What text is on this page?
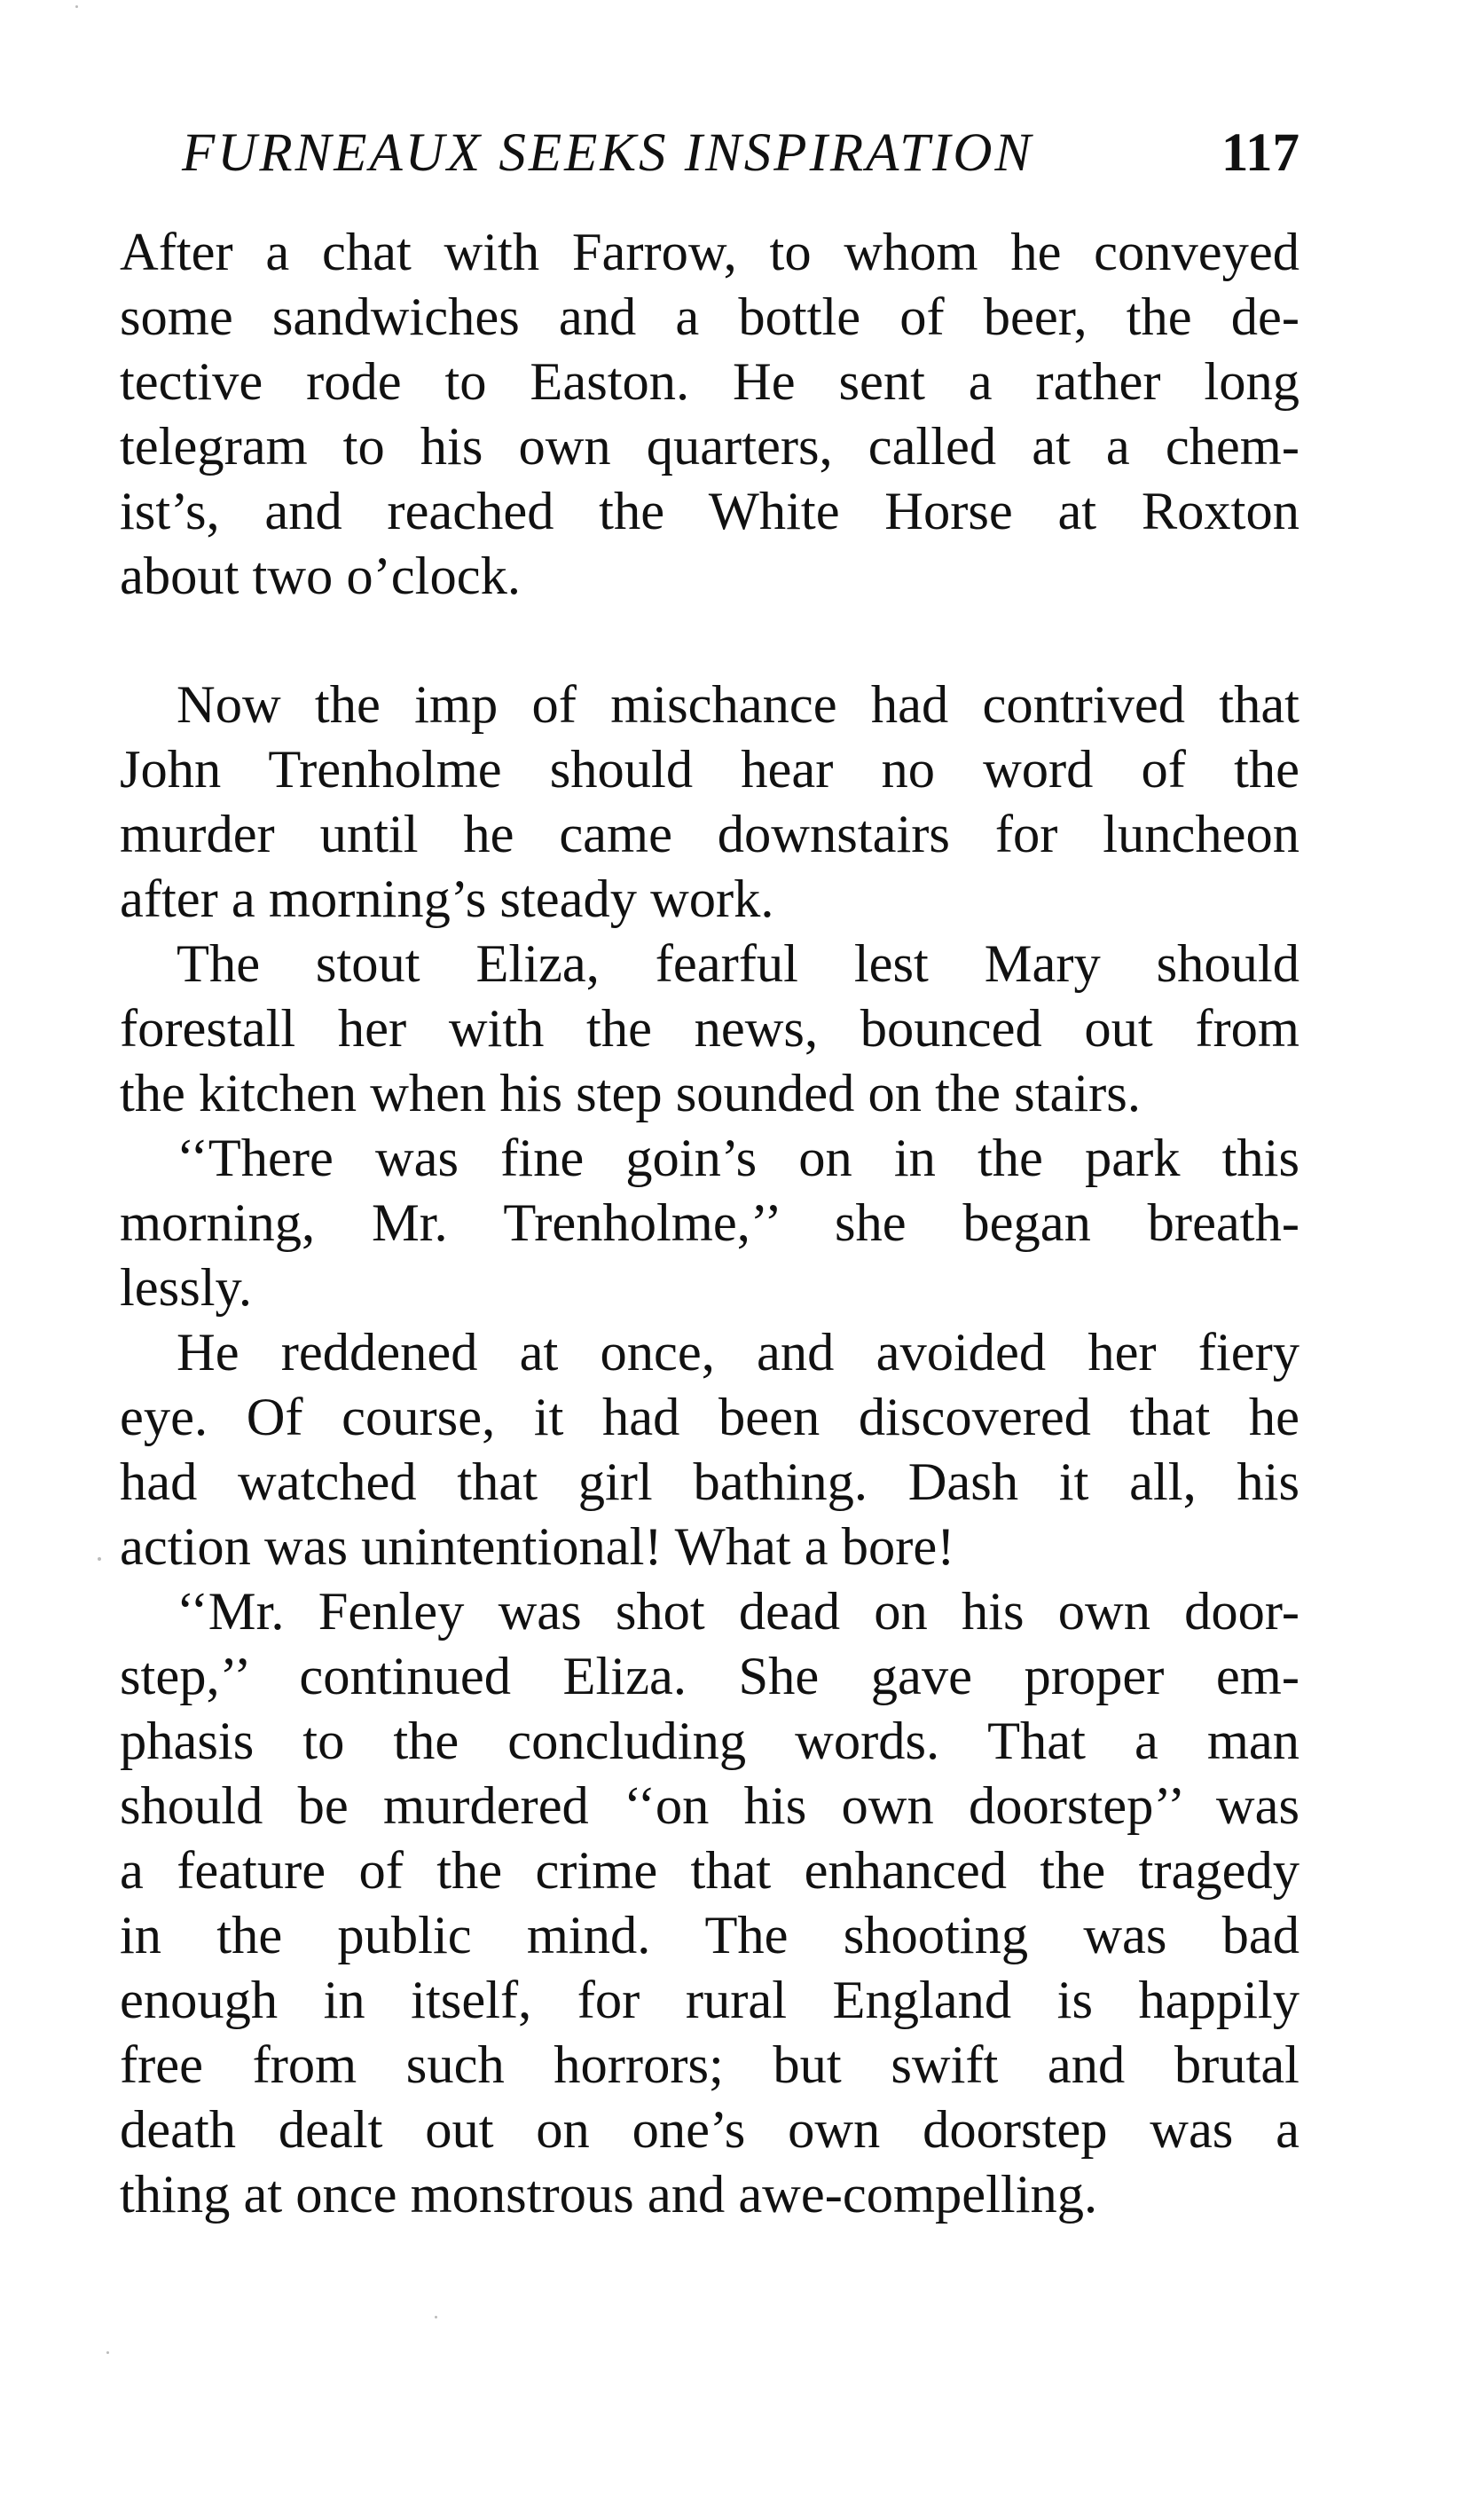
FURNEAUX SEEKS INSPIRATION	117
After a chat with Farrow, to whom he conveyed
some sandwiches and a bottle of beer, the de-
tective rode to Easton. He sent a rather long
telegram to his own quarters, called at a chem-
ist’s, and reached the White Horse at Roxton
about two o’clock.
Now the imp of mischance had contrived that
John Trenholme should hear no word of the
murder until he came downstairs for luncheon
after a morning’s steady work.
The stout Eliza, fearful lest Mary should
forestall her with the news, bounced out from
the kitchen when his step sounded on the stairs.
‘‘There was fine goin’s on in the park this
morning, Mr. Trenholme,’’ she began breath-
lessly.
He reddened at once, and avoided her fiery
eye. Of course, it had been discovered that he
had watched that girl bathing. Dash it all, his
action was unintentional! What a bore!
‘‘Mr. Fenley was shot dead on his own door-
step,’’ continued Eliza. She gave proper em-
phasis to the concluding words. That a man
should be murdered ‘‘on his own doorstep’’ was
a feature of the crime that enhanced the tragedy
in the public mind. The shooting was bad
enough in itself, for rural England is happily
free from such horrors; but swift and brutal
death dealt out on one’s own doorstep was a
thing at once monstrous and awe-compelling.
